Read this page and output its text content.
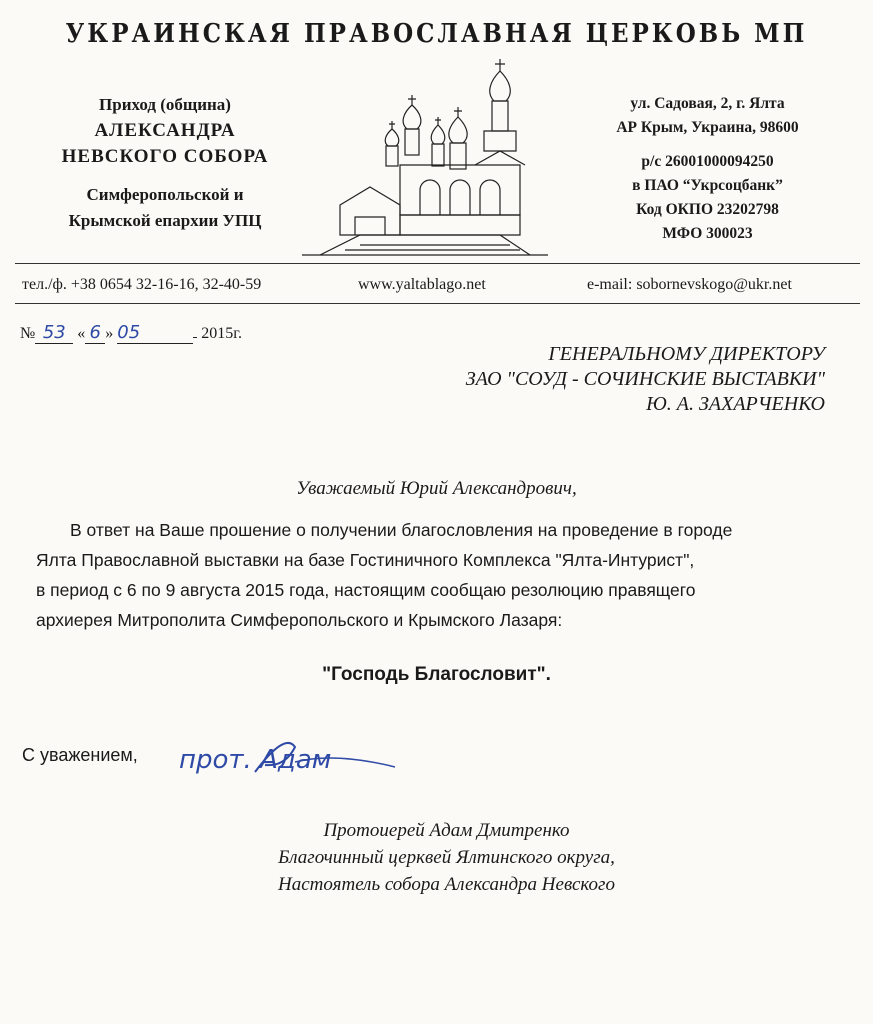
УКРАИНСКАЯ ПРАВОСЛАВНАЯ ЦЕРКОВЬ МП
Приход (община)
АЛЕКСАНДРА
НЕВСКОГО СОБОРА
Симферопольской и
Крымской епархии УПЦ
ул. Садовая, 2, г. Ялта
АР Крым, Украина, 98600
р/с 26001000094250
в ПАО “Укрсоцбанк”
Код ОКПО 23202798
МФО 300023
тел./ф. +38 0654 32-16-16, 32-40-59	www.yaltablago.net	e-mail: sobornevskogo@ukr.net
№ 53 « 6 » 05	2015г.
ГЕНЕРАЛЬНОМУ ДИРЕКТОРУ
ЗАО "СОУД - СОЧИНСКИЕ ВЫСТАВКИ"
Ю. А. ЗАХАРЧЕНКО
Уважаемый Юрий Александрович,
В ответ на Ваше прошение о получении благословления на проведение в городе
Ялта Православной выставки на базе Гостиничного Комплекса "Ялта-Интурист",
в период с 6 по 9 августа 2015 года, настоящим сообщаю резолюцию правящего
архиерея Митрополита Симферопольского и Крымского Лазаря:
"Господь Благословит".
С уважением, прот. Адам
Протоиерей Адам Дмитренко
Благочинный церквей Ялтинского округа,
Настоятель собора Александра Невского
